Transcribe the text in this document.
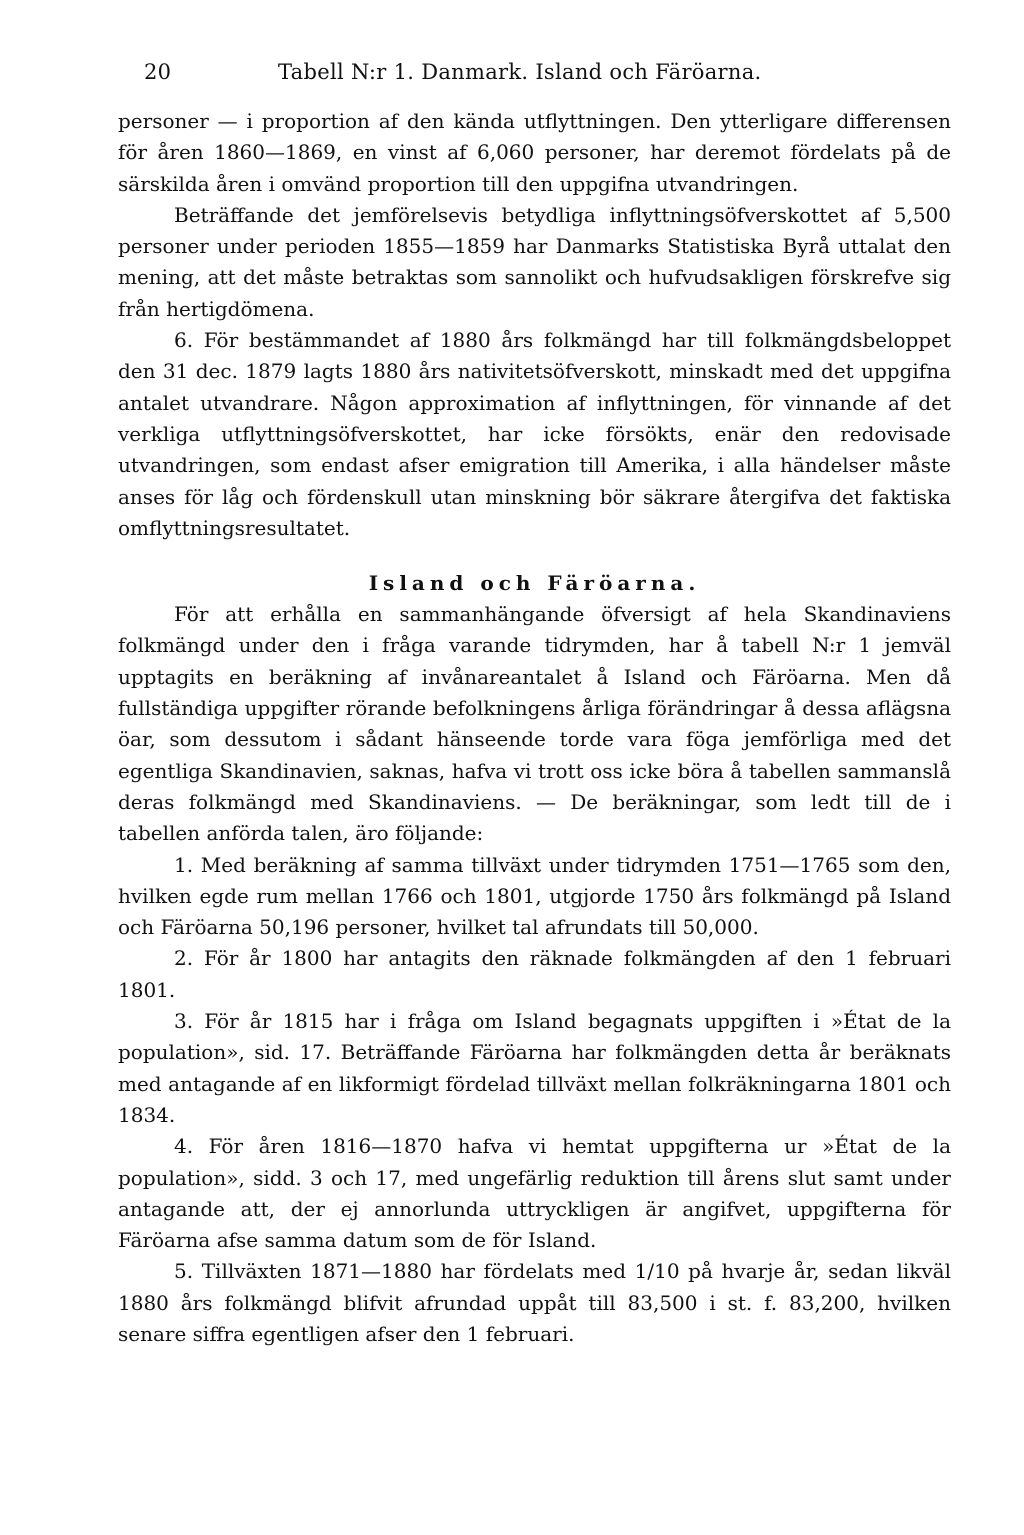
20	Tabell N:r 1. Danmark. Island och Färöarna.

personer — i proportion af den kända utflyttningen. Den ytterligare differensen för åren 1860—1869, en vinst af 6,060 personer, har deremot fördelats på de särskilda åren i omvänd proportion till den uppgifna utvandringen.

Beträffande det jemförelsevis betydliga inflyttningsöfverskottet af 5,500 personer under perioden 1855—1859 har Danmarks Statistiska Byrå uttalat den mening, att det måste betraktas som sannolikt och hufvudsakligen förskrefve sig från hertigdömena.

6. För bestämmandet af 1880 års folkmängd har till folkmängdsbeloppet den 31 dec. 1879 lagts 1880 års nativitetsöfverskott, minskadt med det uppgifna antalet utvandrare. Någon approximation af inflyttningen, för vinnande af det verkliga utflyttningsöfverskottet, har icke försökts, enär den redovisade utvandringen, som endast afser emigration till Amerika, i alla händelser måste anses för låg och fördenskull utan minskning bör säkrare återgifva det faktiska omflyttningsresultatet.

Island och Färöarna.

För att erhålla en sammanhängande öfversigt af hela Skandinaviens folkmängd under den i fråga varande tidrymden, har å tabell N:r 1 jemväl upptagits en beräkning af invånareantalet å Island och Färöarna. Men då fullständiga uppgifter rörande befolkningens årliga förändringar å dessa aflägsna öar, som dessutom i sådant hänseende torde vara föga jemförliga med det egentliga Skandinavien, saknas, hafva vi trott oss icke böra å tabellen sammanslå deras folkmängd med Skandinaviens. — De beräkningar, som ledt till de i tabellen anförda talen, äro följande:

1. Med beräkning af samma tillväxt under tidrymden 1751—1765 som den, hvilken egde rum mellan 1766 och 1801, utgjorde 1750 års folkmängd på Island och Färöarna 50,196 personer, hvilket tal afrundats till 50,000.

2. För år 1800 har antagits den räknade folkmängden af den 1 februari 1801.

3. För år 1815 har i fråga om Island begagnats uppgiften i »État de la population», sid. 17. Beträffande Färöarna har folkmängden detta år beräknats med antagande af en likformigt fördelad tillväxt mellan folkräkningarna 1801 och 1834.

4. För åren 1816—1870 hafva vi hemtat uppgifterna ur »État de la population», sidd. 3 och 17, med ungefärlig reduktion till årens slut samt under antagande att, der ej annorlunda uttryckligen är angifvet, uppgifterna för Färöarna afse samma datum som de för Island.

5. Tillväxten 1871—1880 har fördelats med 1/10 på hvarje år, sedan likväl 1880 års folkmängd blifvit afrundad uppåt till 83,500 i st. f. 83,200, hvilken senare siffra egentligen afser den 1 februari.
